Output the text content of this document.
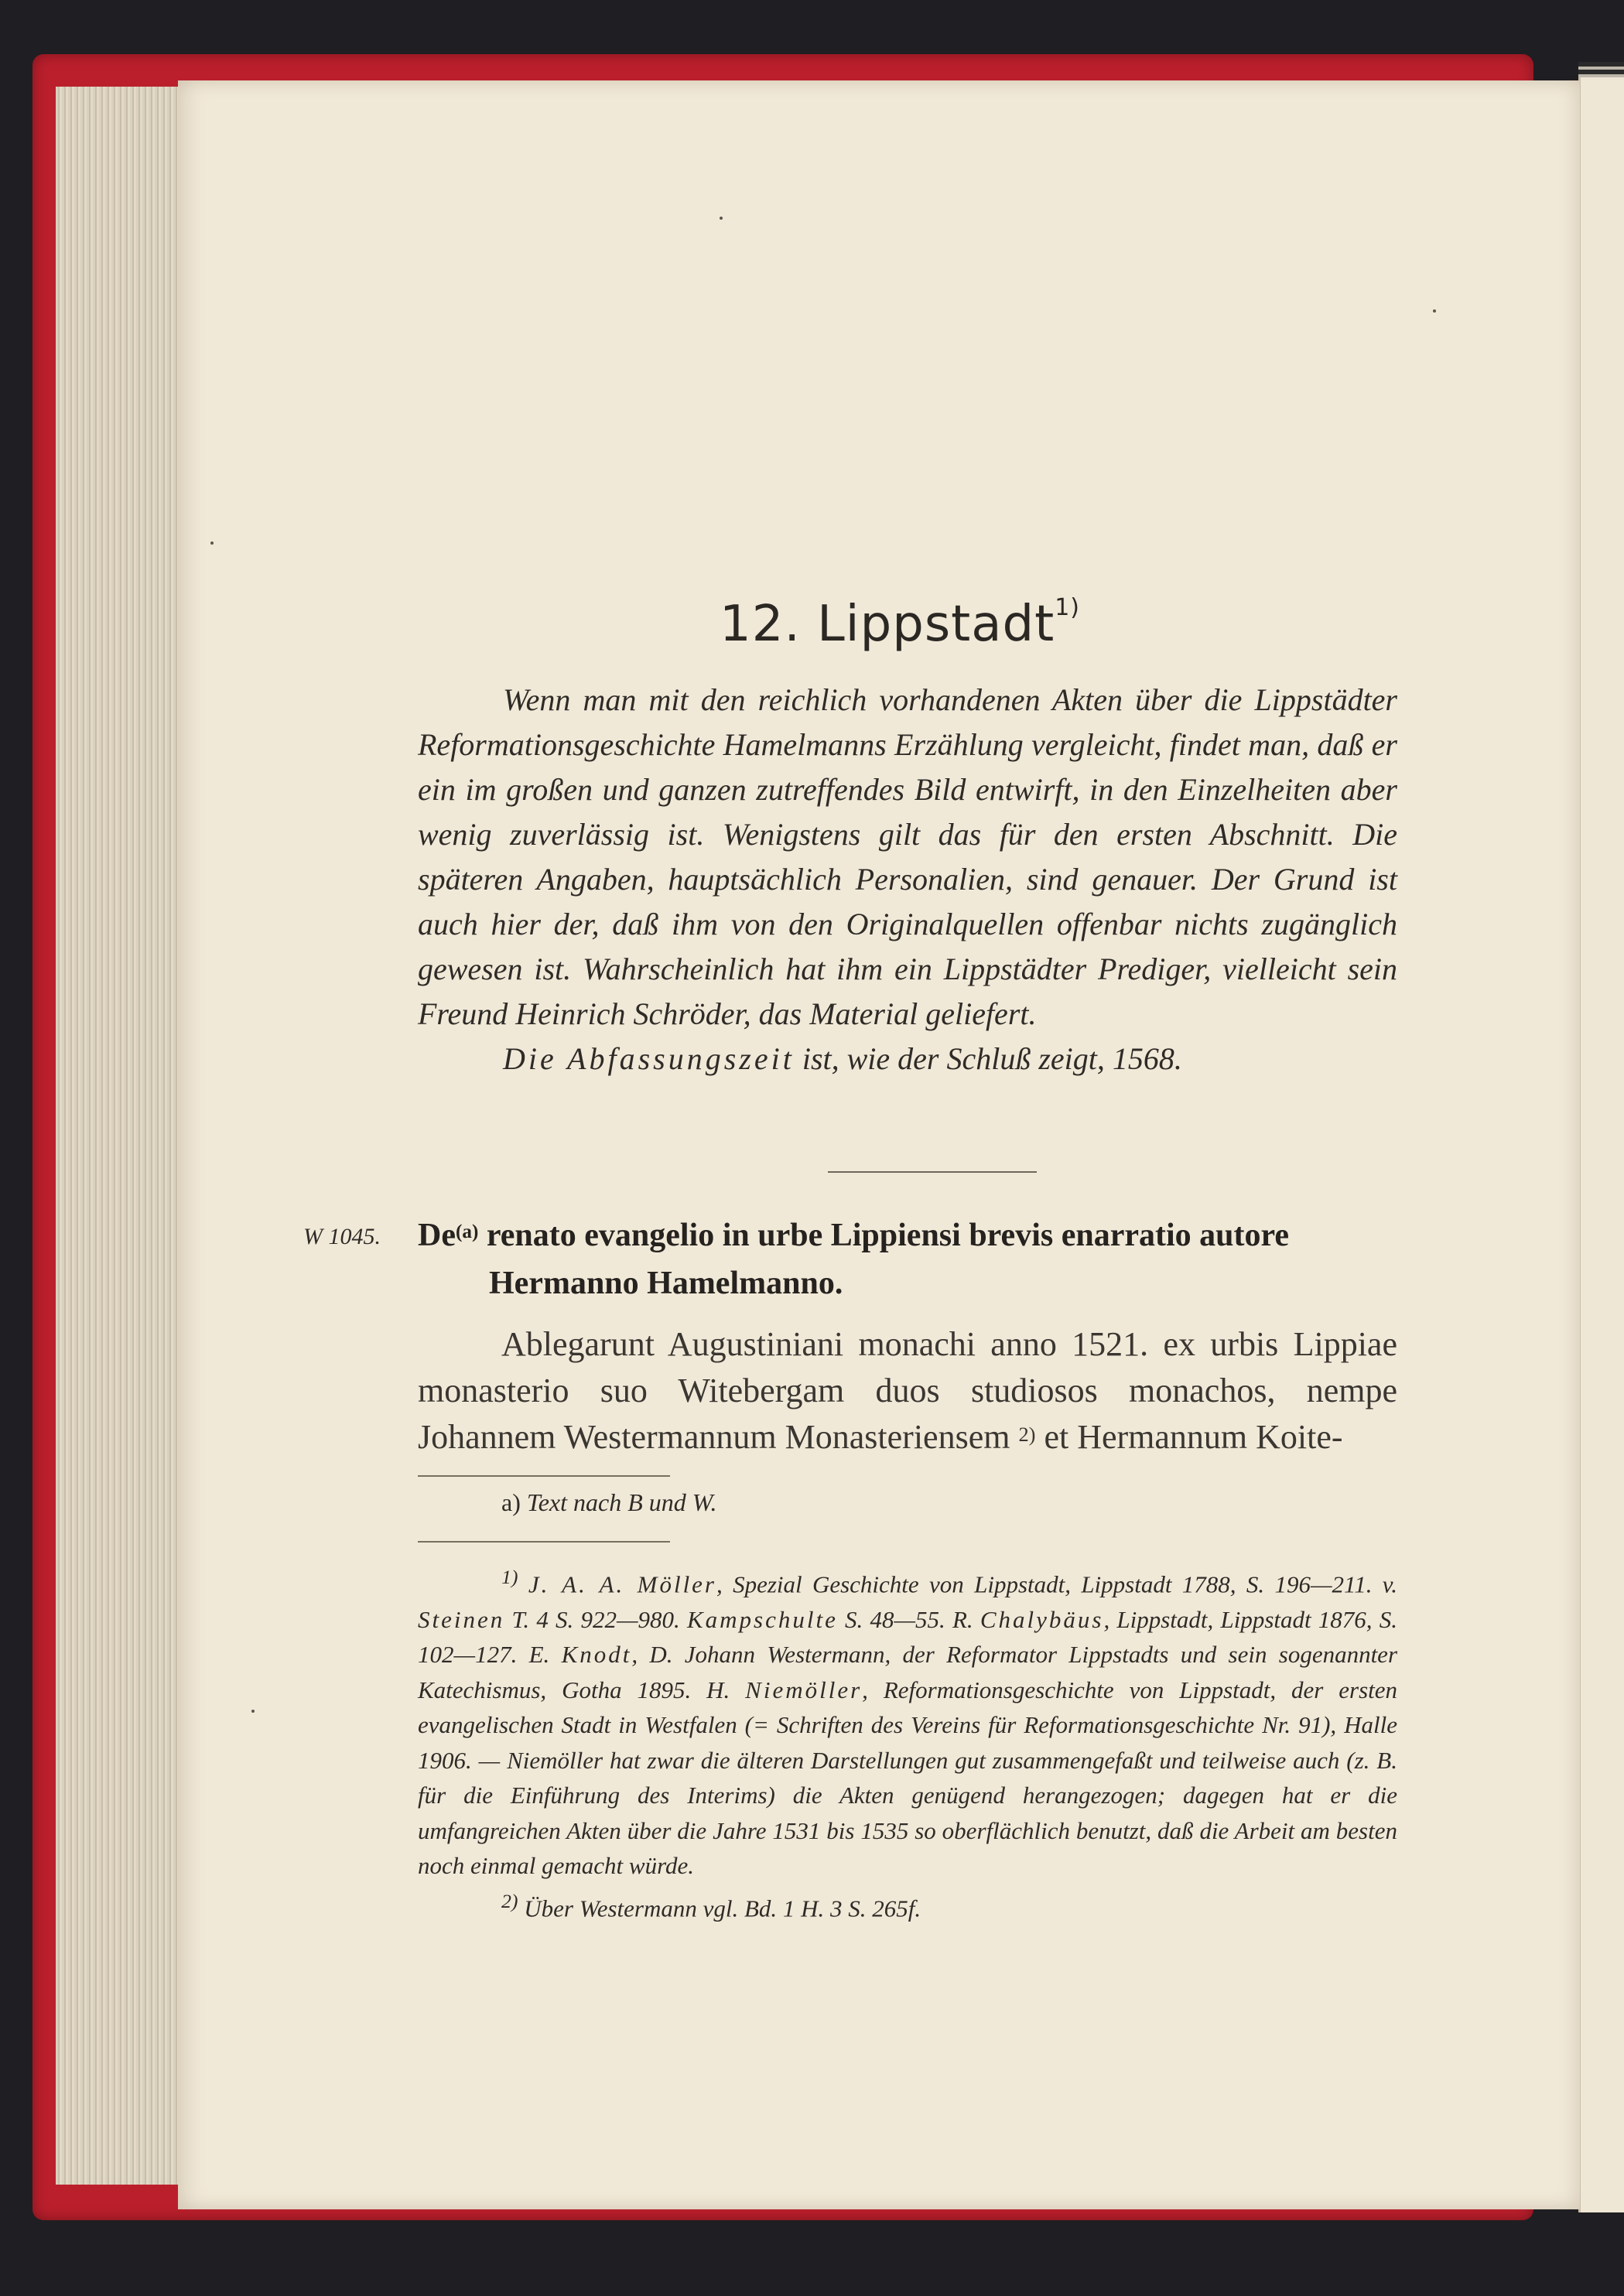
12. Lippstadt$^{1)}$

Wenn man mit den reichlich vorhandenen Akten über die Lippstädter Reformationsgeschichte Hamelmanns Erzählung vergleicht, findet man, daß er ein im großen und ganzen zutreffendes Bild entwirft, in den Einzelheiten aber wenig zuverlässig ist. Wenigstens gilt das für den ersten Abschnitt. Die späteren Angaben, hauptsächlich Personalien, sind genauer. Der Grund ist auch hier der, daß ihm von den Originalquellen offenbar nichts zugänglich gewesen ist. Wahrscheinlich hat ihm ein Lippstädter Prediger, vielleicht sein Freund Heinrich Schröder, das Material geliefert.

Die Abfassungszeit ist, wie der Schluß zeigt, 1568.

W 1045. De$^{(a)}$ renato evangelio in urbe Lippiensi brevis enarratio autore
Hermanno Hamelmanno.

Ablegarunt Augustiniani monachi anno 1521. ex urbis Lippiae monasterio suo Witebergam duos studiosos monachos, nempe Johannem Westermannum Monasteriensem $^{2)}$ et Hermannum Koite-

a) Text nach B und W.

$^{1)}$ J. A. A. Möller, Spezial Geschichte von Lippstadt, Lippstadt 1788, S. 196—211. v. Steinen T. 4 S. 922—980. Kampschulte S. 48—55. R. Chalybäus, Lippstadt, Lippstadt 1876, S. 102—127. E. Knodt, D. Johann Westermann, der Reformator Lippstadts und sein sogenannter Katechismus, Gotha 1895. H. Niemöller, Reformationsgeschichte von Lippstadt, der ersten evangelischen Stadt in Westfalen (= Schriften des Vereins für Reformationsgeschichte Nr. 91), Halle 1906. — Niemöller hat zwar die älteren Darstellungen gut zusammengefaßt und teilweise auch (z. B. für die Einführung des Interims) die Akten genügend herangezogen; dagegen hat er die umfangreichen Akten über die Jahre 1531 bis 1535 so oberflächlich benutzt, daß die Arbeit am besten noch einmal gemacht würde.

$^{2)}$ Über Westermann vgl. Bd. 1 H. 3 S. 265f.
